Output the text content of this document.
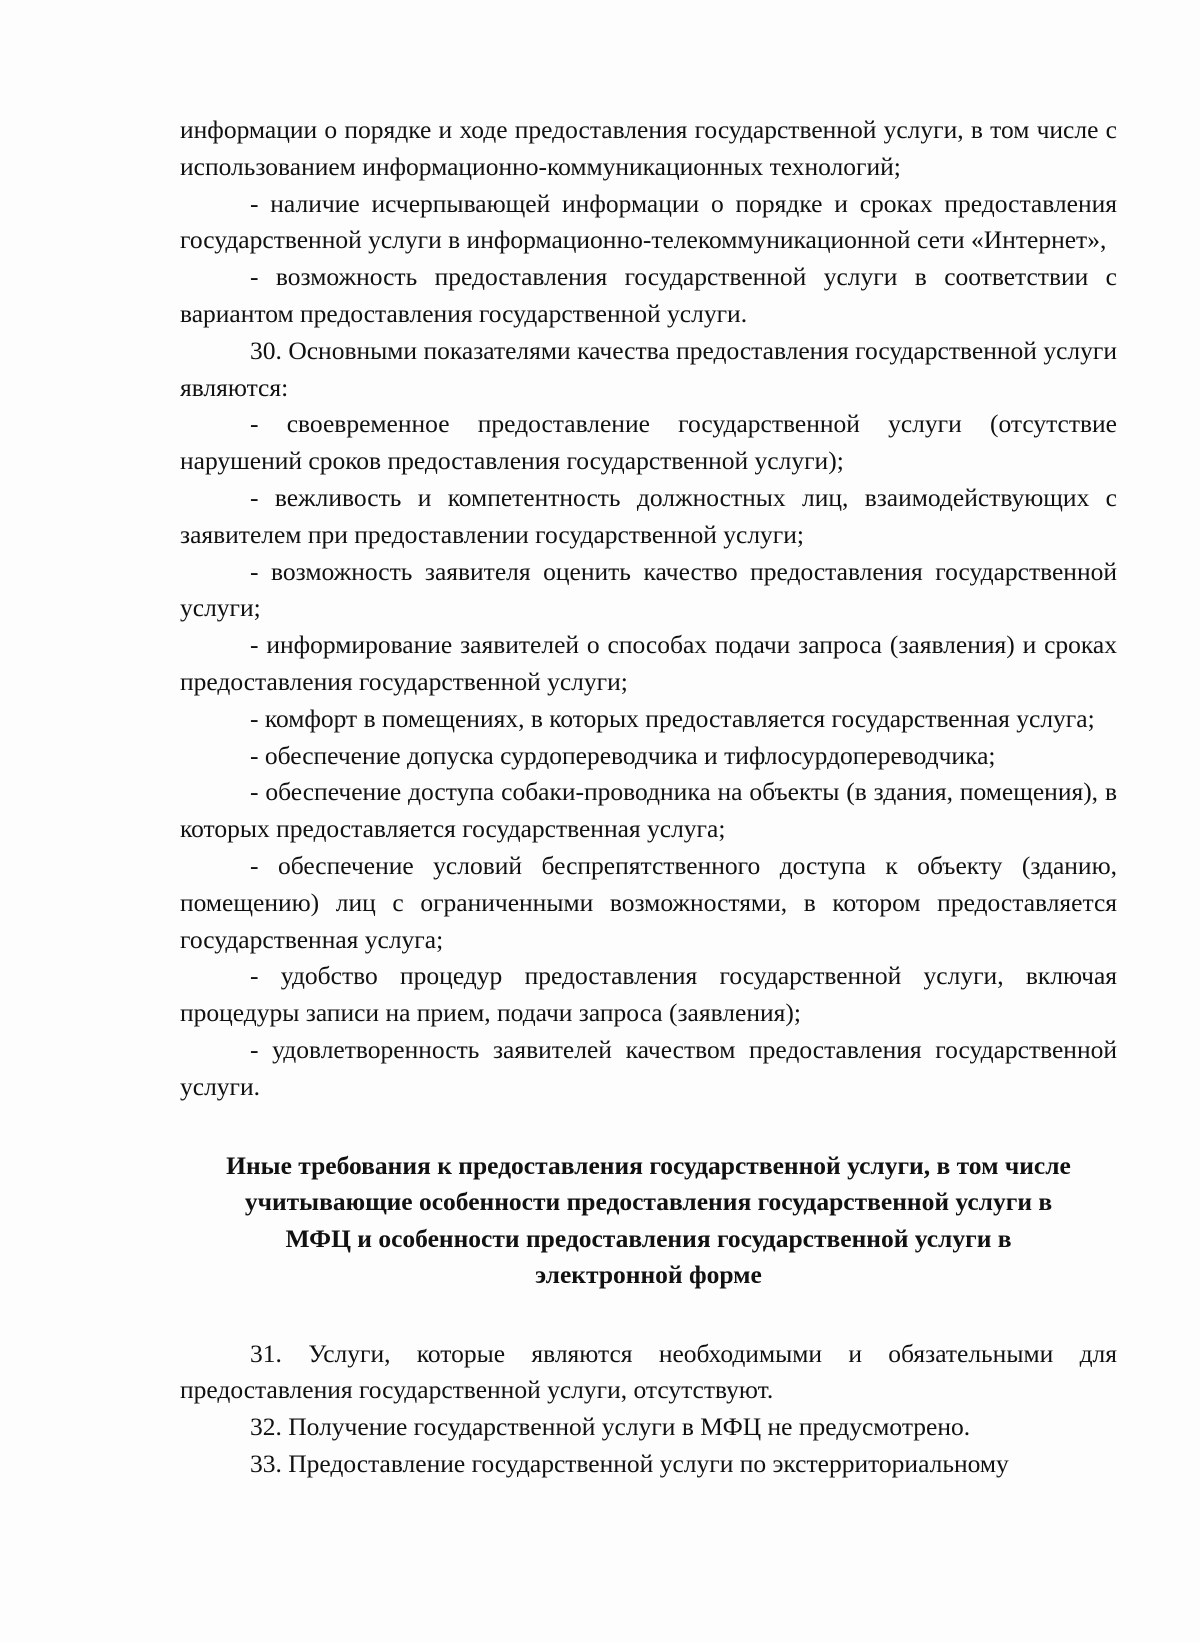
информации о порядке и ходе предоставления государственной услуги, в том числе с использованием информационно-коммуникационных технологий;

- наличие исчерпывающей информации о порядке и сроках предоставления государственной услуги в информационно-телекоммуникационной сети «Интернет»,

- возможность предоставления государственной услуги в соответствии с вариантом предоставления государственной услуги.

30. Основными показателями качества предоставления государственной услуги являются:

- своевременное предоставление государственной услуги (отсутствие нарушений сроков предоставления государственной услуги);

- вежливость и компетентность должностных лиц, взаимодействующих с заявителем при предоставлении государственной услуги;

- возможность заявителя оценить качество предоставления государственной услуги;

- информирование заявителей о способах подачи запроса (заявления) и сроках предоставления государственной услуги;

- комфорт в помещениях, в которых предоставляется государственная услуга;

- обеспечение допуска сурдопереводчика и тифлосурдопереводчика;

- обеспечение доступа собаки-проводника на объекты (в здания, помещения), в которых предоставляется государственная услуга;

- обеспечение условий беспрепятственного доступа к объекту (зданию, помещению) лиц с ограниченными возможностями, в котором предоставляется государственная услуга;

- удобство процедур предоставления государственной услуги, включая процедуры записи на прием, подачи запроса (заявления);

- удовлетворенность заявителей качеством предоставления государственной услуги.

Иные требования к предоставления государственной услуги, в том числе
учитывающие особенности предоставления государственной услуги в
МФЦ и особенности предоставления государственной услуги в
электронной форме

31. Услуги, которые являются необходимыми и обязательными для предоставления государственной услуги, отсутствуют.

32. Получение государственной услуги в МФЦ не предусмотрено.

33. Предоставление государственной услуги по экстерриториальному
